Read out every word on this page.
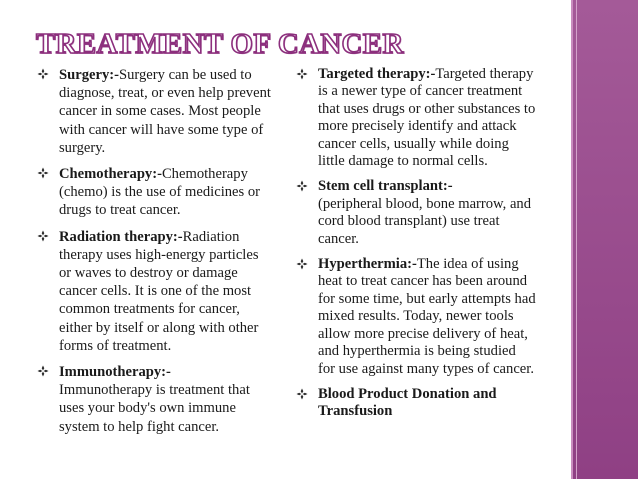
TREATMENT OF CANCER
Surgery:-Surgery can be used to diagnose, treat, or even help prevent cancer in some cases. Most people with cancer will have some type of surgery.
Chemotherapy:-Chemotherapy (chemo) is the use of medicines or drugs to treat cancer.
Radiation therapy:-Radiation therapy uses high-energy particles or waves to destroy or damage cancer cells. It is one of the most common treatments for cancer, either by itself or along with other forms of treatment.
Immunotherapy:-
Immunotherapy is treatment that uses your body's own immune system to help fight cancer.
Targeted therapy:-Targeted therapy is a newer type of cancer treatment that uses drugs or other substances to more precisely identify and attack cancer cells, usually while doing little damage to normal cells.
Stem cell transplant:-
(peripheral blood, bone marrow, and cord blood transplant) use treat cancer.
Hyperthermia:-The idea of using heat to treat cancer has been around for some time, but early attempts had mixed results. Today, newer tools allow more precise delivery of heat, and hyperthermia is being studied for use against many types of cancer.
Blood Product Donation and Transfusion
